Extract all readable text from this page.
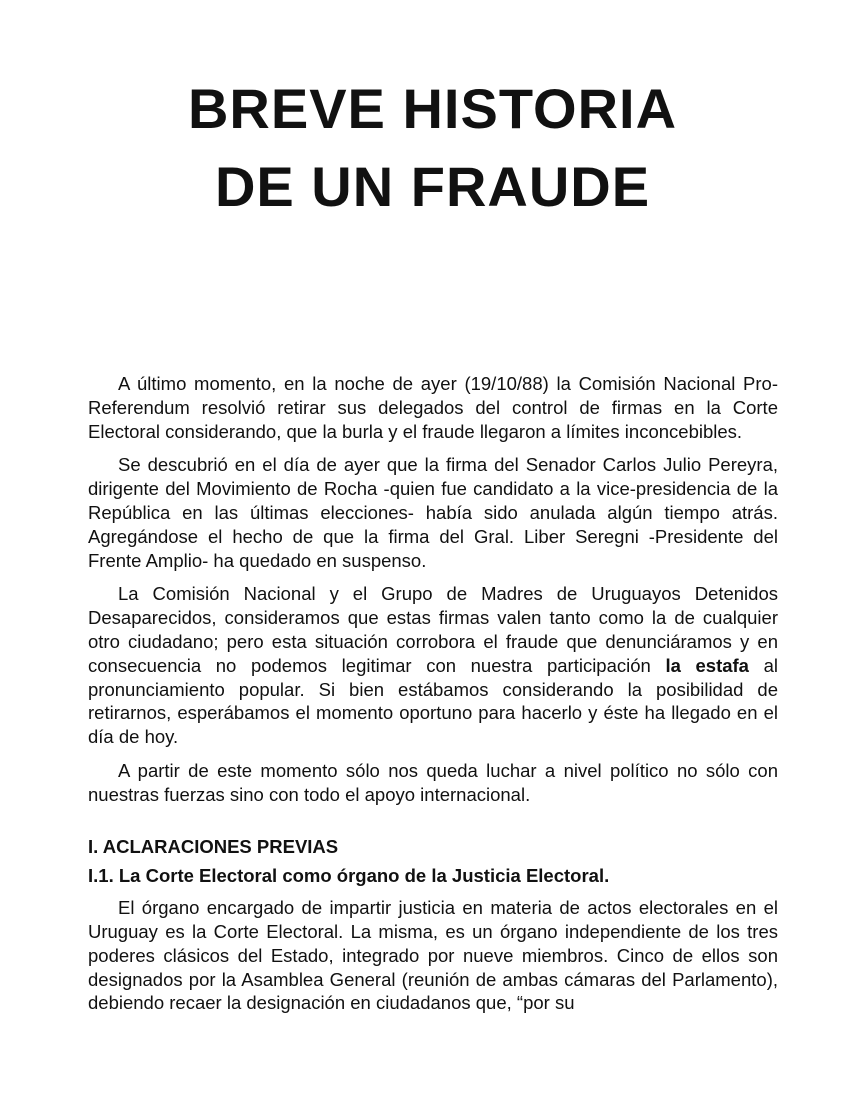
BREVE HISTORIA
DE UN FRAUDE

A último momento, en la noche de ayer (19/10/88) la Comisión Nacional Pro-Referendum resolvió retirar sus delegados del control de firmas en la Corte Electoral considerando, que la burla y el fraude llegaron a límites inconcebibles.

Se descubrió en el día de ayer que la firma del Senador Carlos Julio Pereyra, dirigente del Movimiento de Rocha -quien fue candidato a la vice-presidencia de la República en las últimas elecciones- había sido anulada algún tiempo atrás. Agregándose el hecho de que la firma del Gral. Liber Seregni -Presidente del Frente Amplio- ha quedado en suspenso.

La Comisión Nacional y el Grupo de Madres de Uruguayos Detenidos Desaparecidos, consideramos que estas firmas valen tanto como la de cualquier otro ciudadano; pero esta situación corrobora el fraude que denunciáramos y en consecuencia no podemos legitimar con nuestra participación la estafa al pronunciamiento popular. Si bien estábamos considerando la posibilidad de retirarnos, esperábamos el momento oportuno para hacerlo y éste ha llegado en el día de hoy.

A partir de este momento sólo nos queda luchar a nivel político no sólo con nuestras fuerzas sino con todo el apoyo internacional.

I. ACLARACIONES PREVIAS
I.1. La Corte Electoral como órgano de la Justicia Electoral.

El órgano encargado de impartir justicia en materia de actos electorales en el Uruguay es la Corte Electoral. La misma, es un órgano independiente de los tres poderes clásicos del Estado, integrado por nueve miembros. Cinco de ellos son designados por la Asamblea General (reunión de ambas cámaras del Parlamento), debiendo recaer la designación en ciudadanos que, “por su
